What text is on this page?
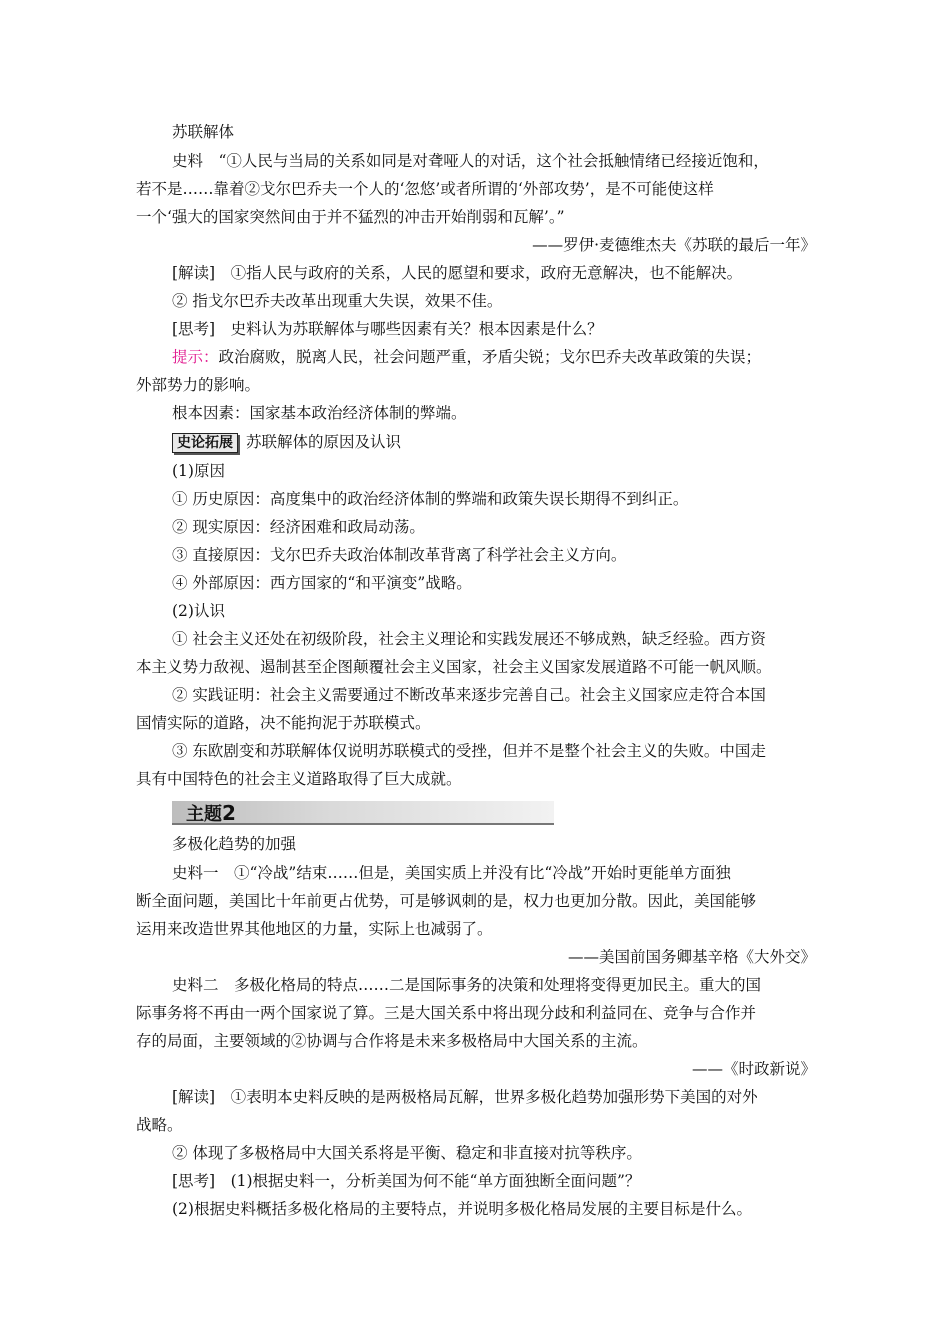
苏联解体
史料　“①人民与当局的关系如同是对聋哑人的对话，这个社会抵触情绪已经接近饱和，
若不是……靠着②戈尔巴乔夫一个人的‘忽悠’或者所谓的‘外部攻势’，是不可能使这样
一个‘强大的国家突然间由于并不猛烈的冲击开始削弱和瓦解’。”
——罗伊·麦德维杰夫《苏联的最后一年》
[解读]　①指人民与政府的关系，人民的愿望和要求，政府无意解决，也不能解决。
② 指戈尔巴乔夫改革出现重大失误，效果不佳。
[思考]　史料认为苏联解体与哪些因素有关？根本因素是什么？
提示：政治腐败，脱离人民，社会问题严重，矛盾尖锐；戈尔巴乔夫改革政策的失误；
外部势力的影响。
根本因素：国家基本政治经济体制的弊端。
史论拓展 苏联解体的原因及认识
(1)原因
① 历史原因：高度集中的政治经济体制的弊端和政策失误长期得不到纠正。
② 现实原因：经济困难和政局动荡。
③ 直接原因：戈尔巴乔夫政治体制改革背离了科学社会主义方向。
④ 外部原因：西方国家的“和平演变”战略。
(2)认识
① 社会主义还处在初级阶段，社会主义理论和实践发展还不够成熟，缺乏经验。西方资
本主义势力敌视、遏制甚至企图颠覆社会主义国家，社会主义国家发展道路不可能一帆风顺。
② 实践证明：社会主义需要通过不断改革来逐步完善自己。社会主义国家应走符合本国
国情实际的道路，决不能拘泥于苏联模式。
③ 东欧剧变和苏联解体仅说明苏联模式的受挫，但并不是整个社会主义的失败。中国走
具有中国特色的社会主义道路取得了巨大成就。
主题2
多极化趋势的加强
史料一　①“冷战”结束……但是，美国实质上并没有比“冷战”开始时更能单方面独
断全面问题，美国比十年前更占优势，可是够讽刺的是，权力也更加分散。因此，美国能够
运用来改造世界其他地区的力量，实际上也减弱了。
——美国前国务卿基辛格《大外交》
史料二　多极化格局的特点……二是国际事务的决策和处理将变得更加民主。重大的国
际事务将不再由一两个国家说了算。三是大国关系中将出现分歧和利益同在、竞争与合作并
存的局面，主要领域的②协调与合作将是未来多极格局中大国关系的主流。
——《时政新说》
[解读]　①表明本史料反映的是两极格局瓦解，世界多极化趋势加强形势下美国的对外
战略。
② 体现了多极格局中大国关系将是平衡、稳定和非直接对抗等秩序。
[思考]　(1)根据史料一，分析美国为何不能“单方面独断全面问题”？
(2)根据史料概括多极化格局的主要特点，并说明多极化格局发展的主要目标是什么。
